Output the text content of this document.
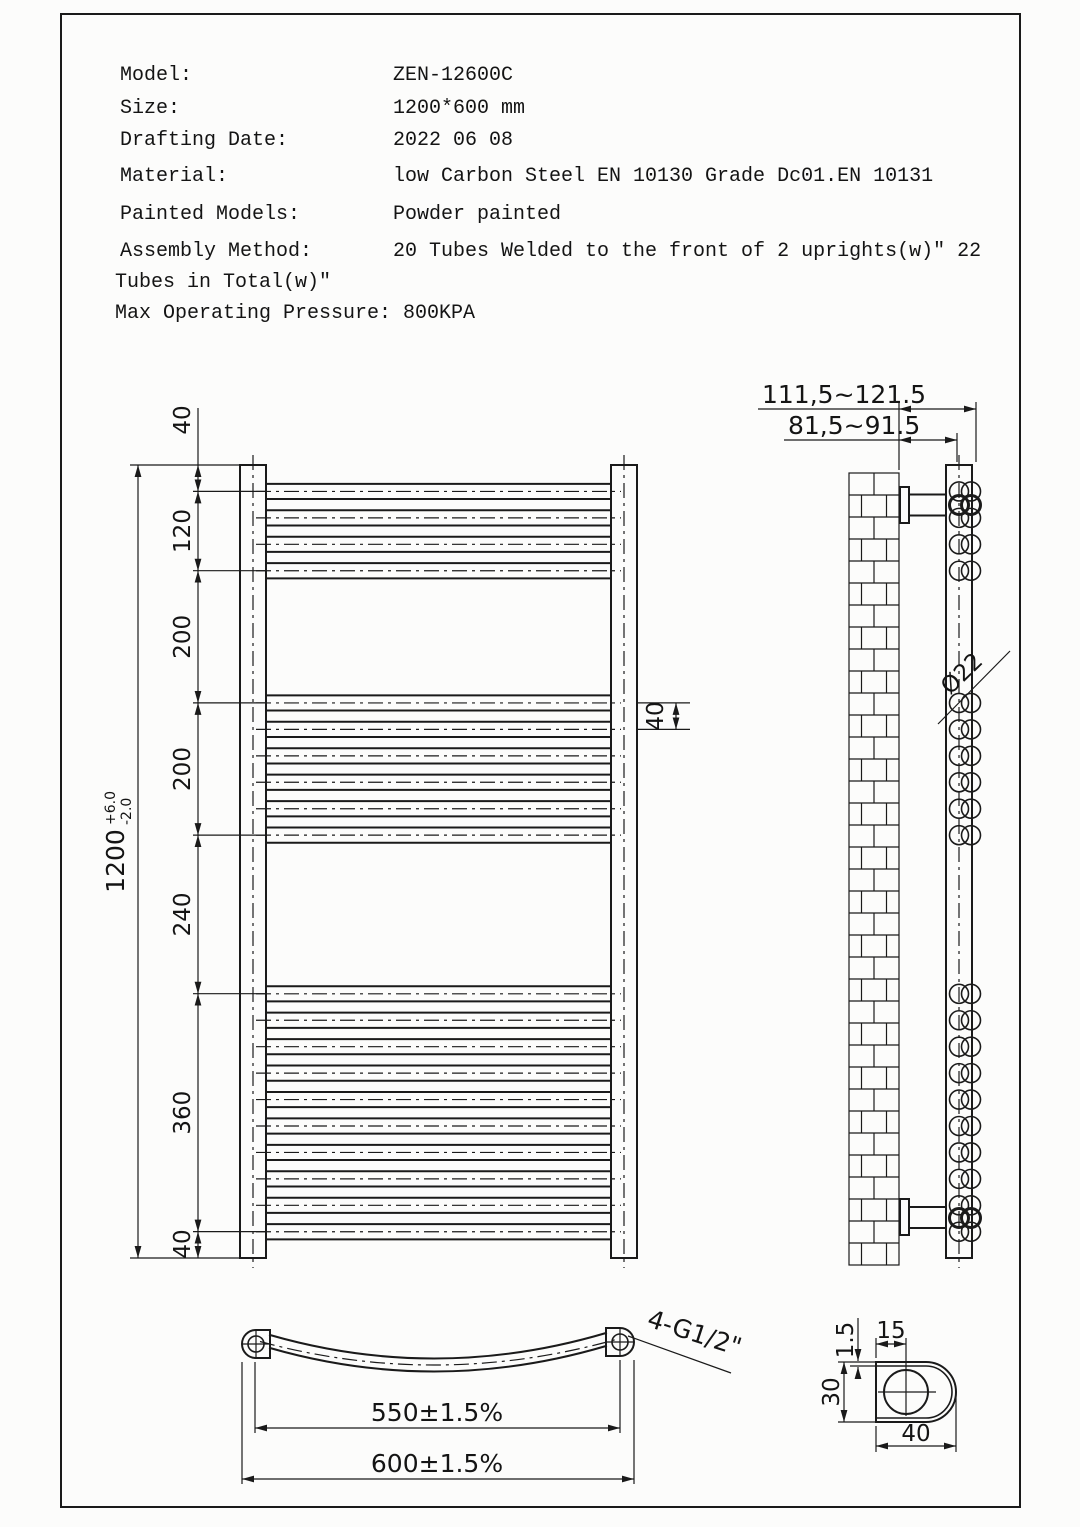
Model:	ZEN-12600C
Size:	1200*600 mm
Drafting Date:	2022 06 08
Material:	low Carbon Steel EN 10130 Grade Dc01.EN 10131
Painted Models:	Powder painted
Assembly Method:	20 Tubes Welded to the front of 2 uprights(w)" 22
Tubes in Total(w)"
Max Operating Pressure: 800KPA
40
120
200
200
240
360
40
1200
+6.0 -2.0
40
111,5~121.5
81,5~91.5
Ø22
550±1.5%
600±1.5%
4-G1/2"	1.5 15
30
40
